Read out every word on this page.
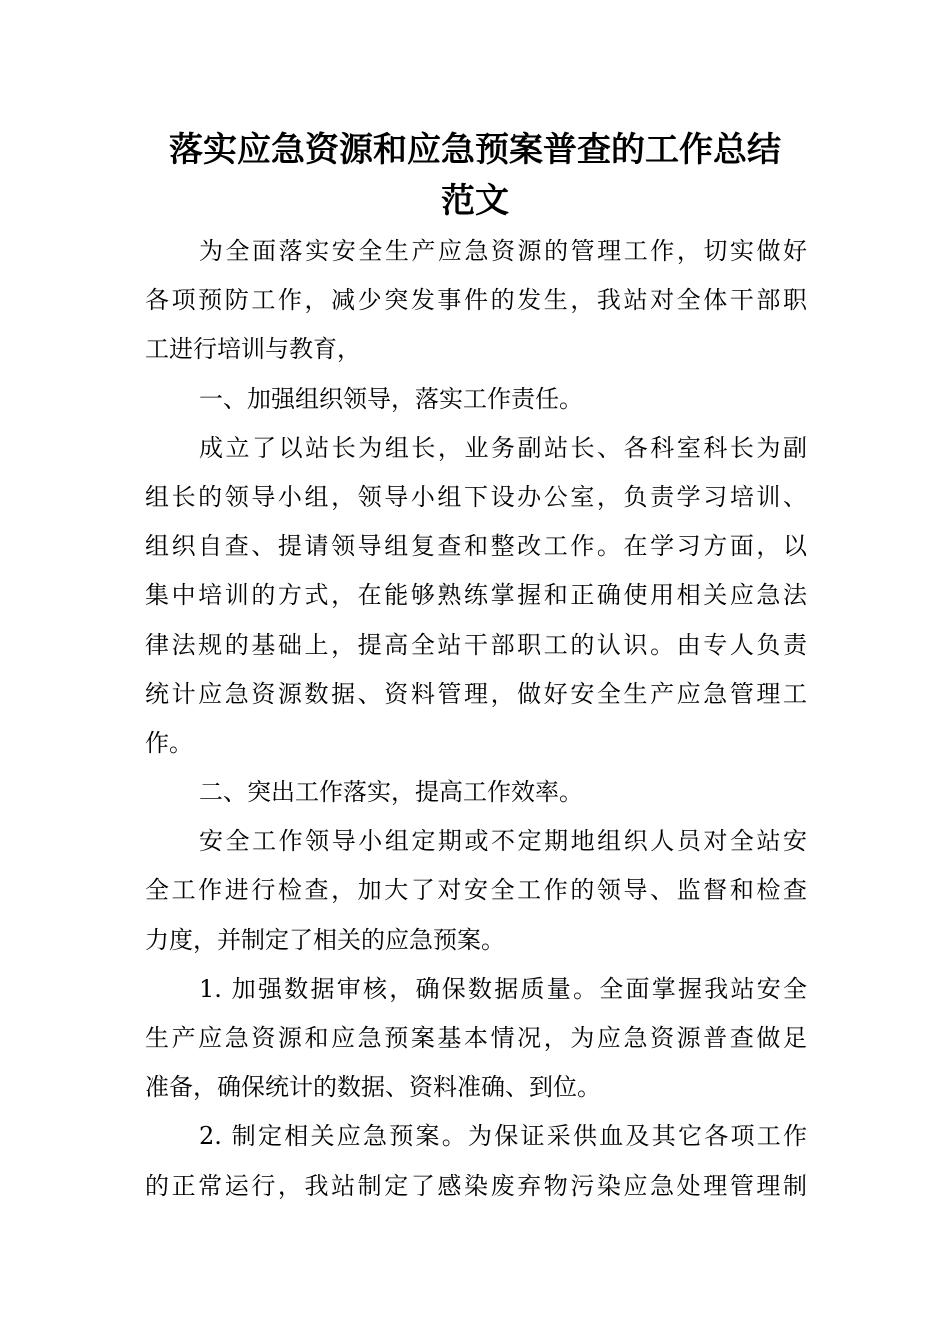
落实应急资源和应急预案普查的工作总结
范文
为全面落实安全生产应急资源的管理工作，切实做好
各项预防工作，减少突发事件的发生，我站对全体干部职
工进行培训与教育，
一、加强组织领导，落实工作责任。
成立了以站长为组长，业务副站长、各科室科长为副
组长的领导小组，领导小组下设办公室，负责学习培训、
组织自查、提请领导组复查和整改工作。在学习方面，以
集中培训的方式，在能够熟练掌握和正确使用相关应急法
律法规的基础上，提高全站干部职工的认识。由专人负责
统计应急资源数据、资料管理，做好安全生产应急管理工
作。
二、突出工作落实，提高工作效率。
安全工作领导小组定期或不定期地组织人员对全站安
全工作进行检查，加大了对安全工作的领导、监督和检查
力度，并制定了相关的应急预案。
1. 加强数据审核，确保数据质量。全面掌握我站安全
生产应急资源和应急预案基本情况，为应急资源普查做足
准备，确保统计的数据、资料准确、到位。
2. 制定相关应急预案。为保证采供血及其它各项工作
的正常运行，我站制定了感染废弃物污染应急处理管理制
